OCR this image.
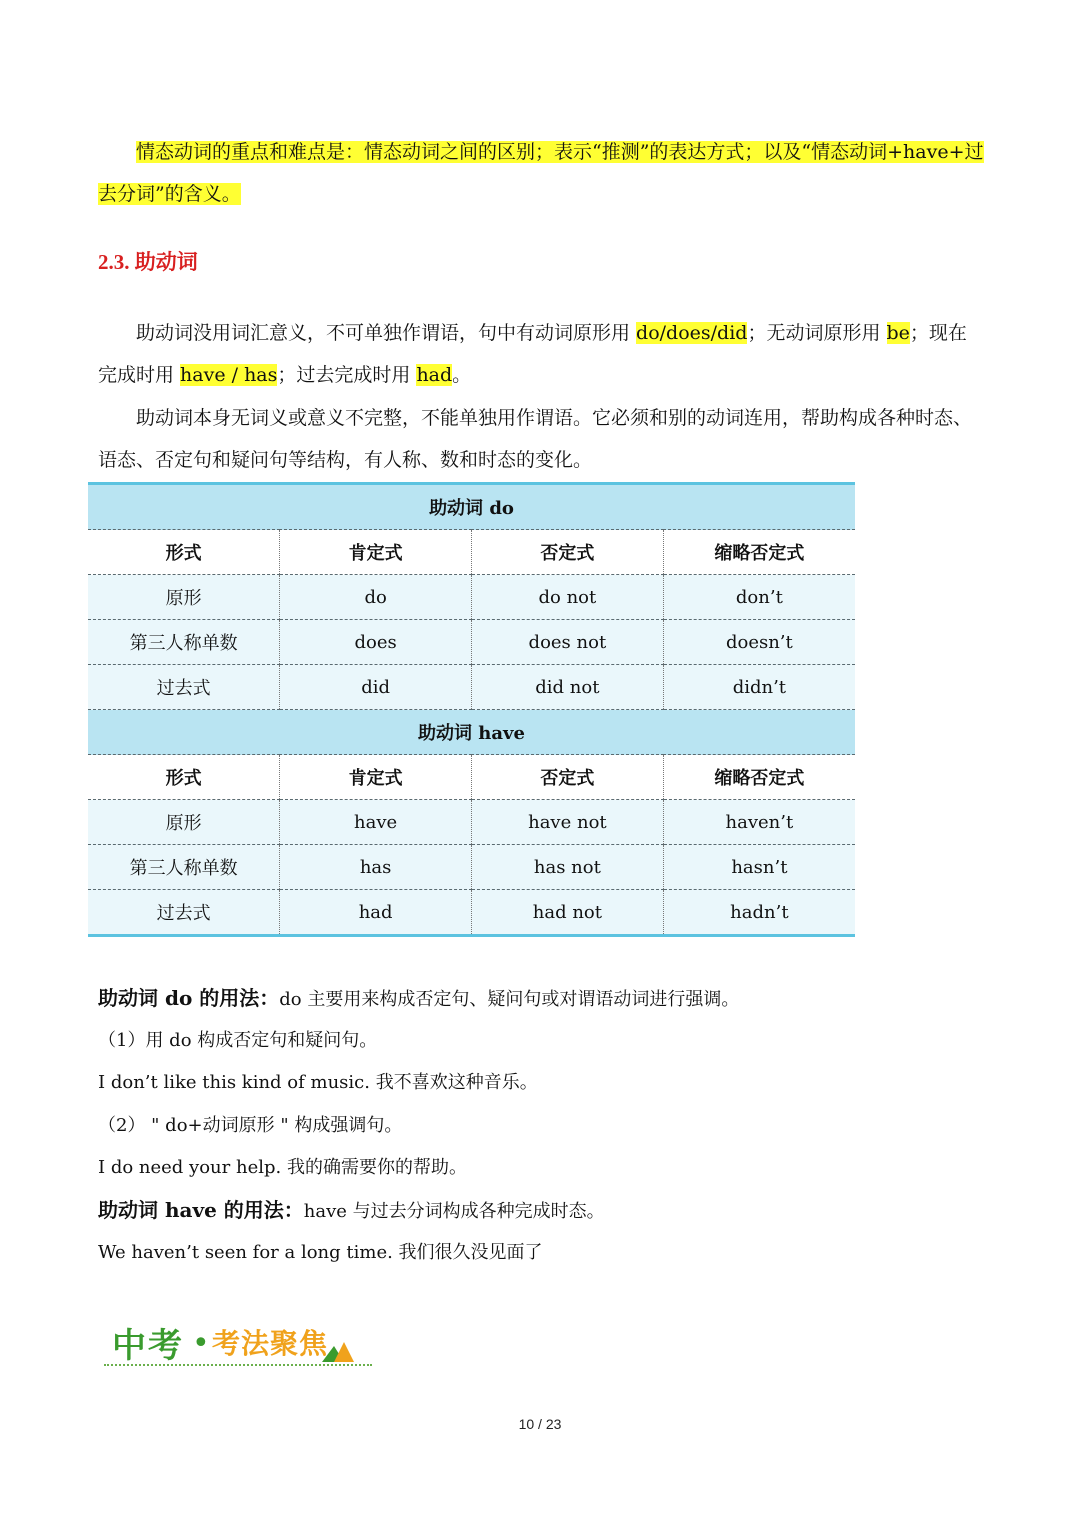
情态动词的重点和难点是：情态动词之间的区别；表示“推测”的表达方式；以及“情态动词+have+过去分词”的含义。

2.3. 助动词

助动词没用词汇意义，不可单独作谓语，句中有动词原形用 do/does/did；无动词原形用 be；现在完成时用 have / has；过去完成时用 had。

助动词本身无词义或意义不完整，不能单独用作谓语。它必须和别的动词连用，帮助构成各种时态、语态、否定句和疑问句等结构，有人称、数和时态的变化。

助动词 do			
形式	肯定式	否定式	缩略否定式
原形	do	do not	don’t
第三人称单数	does	does not	doesn’t
过去式	did	did not	didn’t
助动词 have			
形式	肯定式	否定式	缩略否定式
原形	have	have not	haven’t
第三人称单数	has	has not	hasn’t
过去式	had	had not	hadn’t
助动词 do 的用法：do 主要用来构成否定句、疑问句或对谓语动词进行强调。
（1）用 do 构成否定句和疑问句。
I don’t like this kind of music. 我不喜欢这种音乐。
（2） " do+动词原形 " 构成强调句。
I do need your help. 我的确需要你的帮助。
助动词 have 的用法：have 与过去分词构成各种完成时态。
We haven’t seen for a long time. 我们很久没见面了
中考 • 考法聚焦
10 / 23
